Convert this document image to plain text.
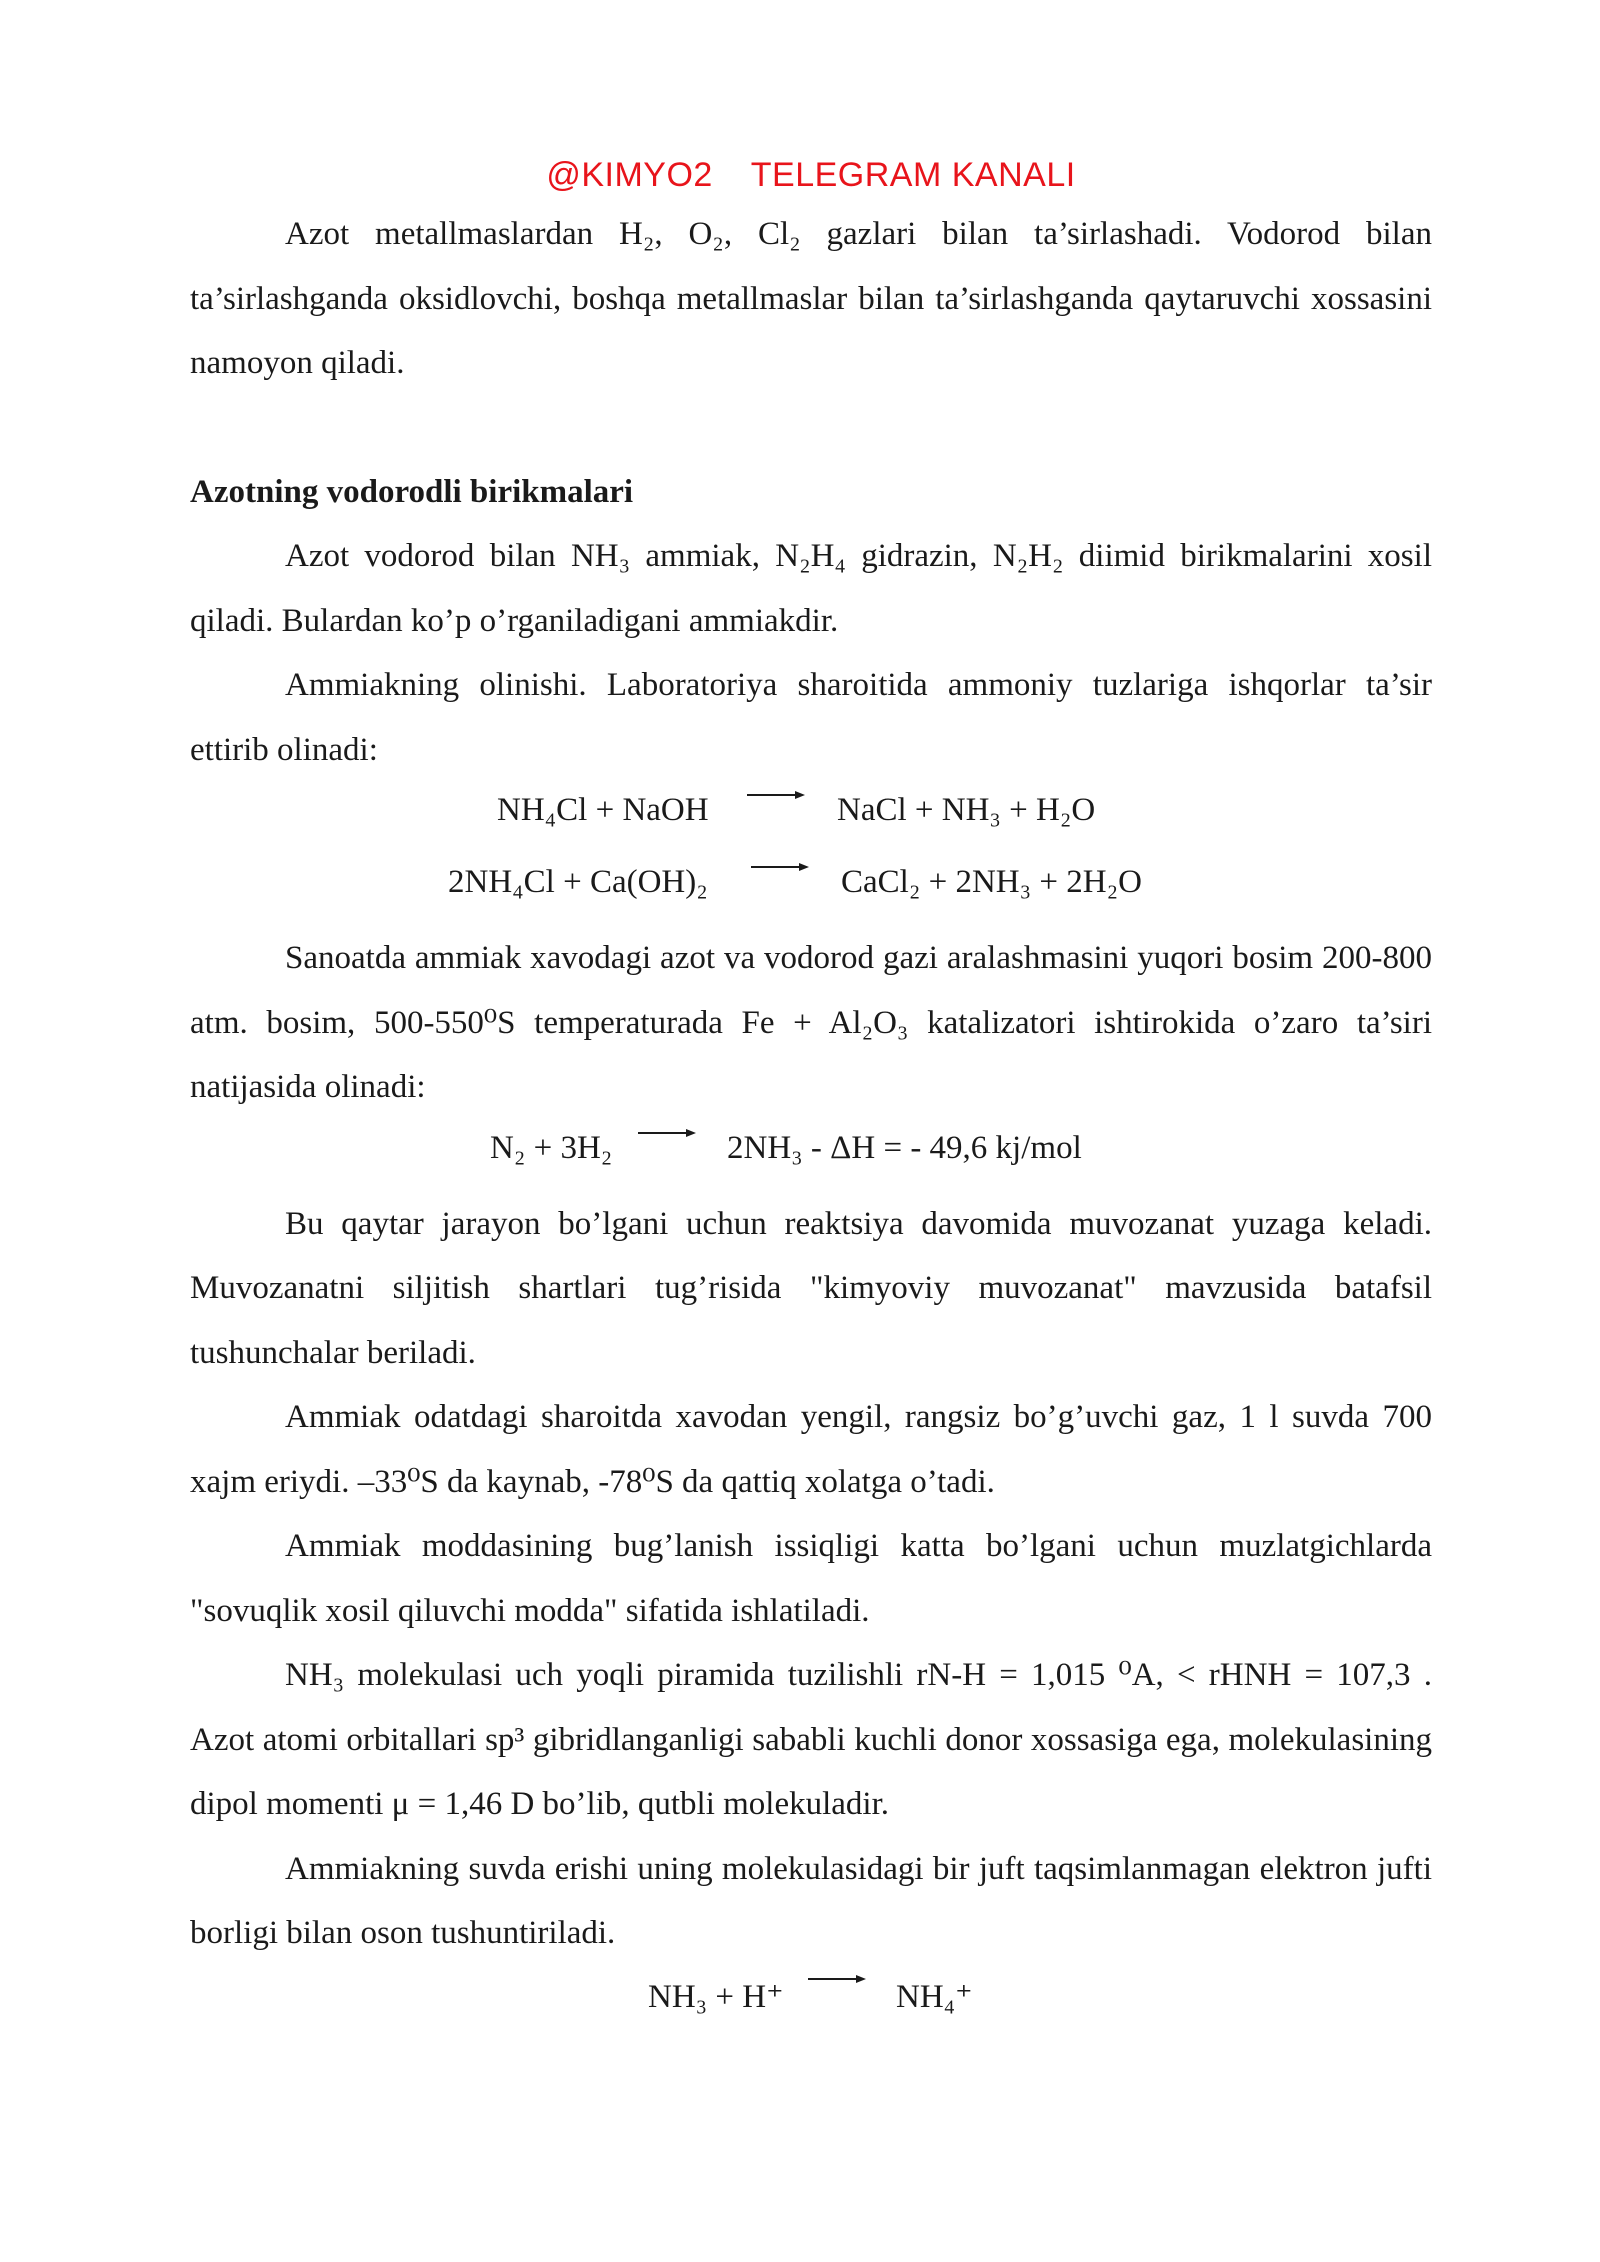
@KIMYO2 TELEGRAM KANALI

Azot metallmaslardan H₂, O₂, Cl₂ gazlari bilan ta’sirlashadi. Vodorod bilan ta’sirlashganda oksidlovchi, boshqa metallmaslar bilan ta’sirlashganda qaytaruvchi xossasini namoyon qiladi.

Azotning vodorodli birikmalari

Azot vodorod bilan NH₃ ammiak, N₂H₄ gidrazin, N₂H₂ diimid birikmalarini xosil qiladi. Bulardan ko’p o’rganiladigani ammiakdir.

Ammiakning olinishi. Laboratoriya sharoitida ammoniy tuzlariga ishqorlar ta’sir ettirib olinadi:

NH₄Cl + NaOH → NaCl + NH₃ + H₂O
2NH₄Cl + Ca(OH)₂ → CaCl₂ + 2NH₃ + 2H₂O

Sanoatda ammiak xavodagi azot va vodorod gazi aralashmasini yuqori bosim 200-800 atm. bosim, 500-550⁰S temperaturada Fe + Al₂O₃ katalizatori ishtirokida o’zaro ta’siri natijasida olinadi:

N₂ + 3H₂ → 2NH₃ - ΔH = - 49,6 kj/mol

Bu qaytar jarayon bo’lgani uchun reaktsiya davomida muvozanat yuzaga keladi. Muvozanatni siljitish shartlari tug’risida "kimyoviy muvozanat" mavzusida batafsil tushunchalar beriladi.

Ammiak odatdagi sharoitda xavodan yengil, rangsiz bo’g’uvchi gaz, 1 l suvda 700 xajm eriydi. –33⁰S da kaynab, -78⁰S da qattiq xolatga o’tadi.

Ammiak moddasining bug’lanish issiqligi katta bo’lgani uchun muzlatgichlarda "sovuqlik xosil qiluvchi modda" sifatida ishlatiladi.

NH₃ molekulasi uch yoqli piramida tuzilishli rN-H = 1,015 ⁰A, < rHNH = 107,3 . Azot atomi orbitallari sp³ gibridlanganligi sababli kuchli donor xossasiga ega, molekulasining dipol momenti μ = 1,46 D bo’lib, qutbli molekuladir.

Ammiakning suvda erishi uning molekulasidagi bir juft taqsimlanmagan elektron jufti borligi bilan oson tushuntiriladi.

NH₃ + H⁺ → NH₄⁺
